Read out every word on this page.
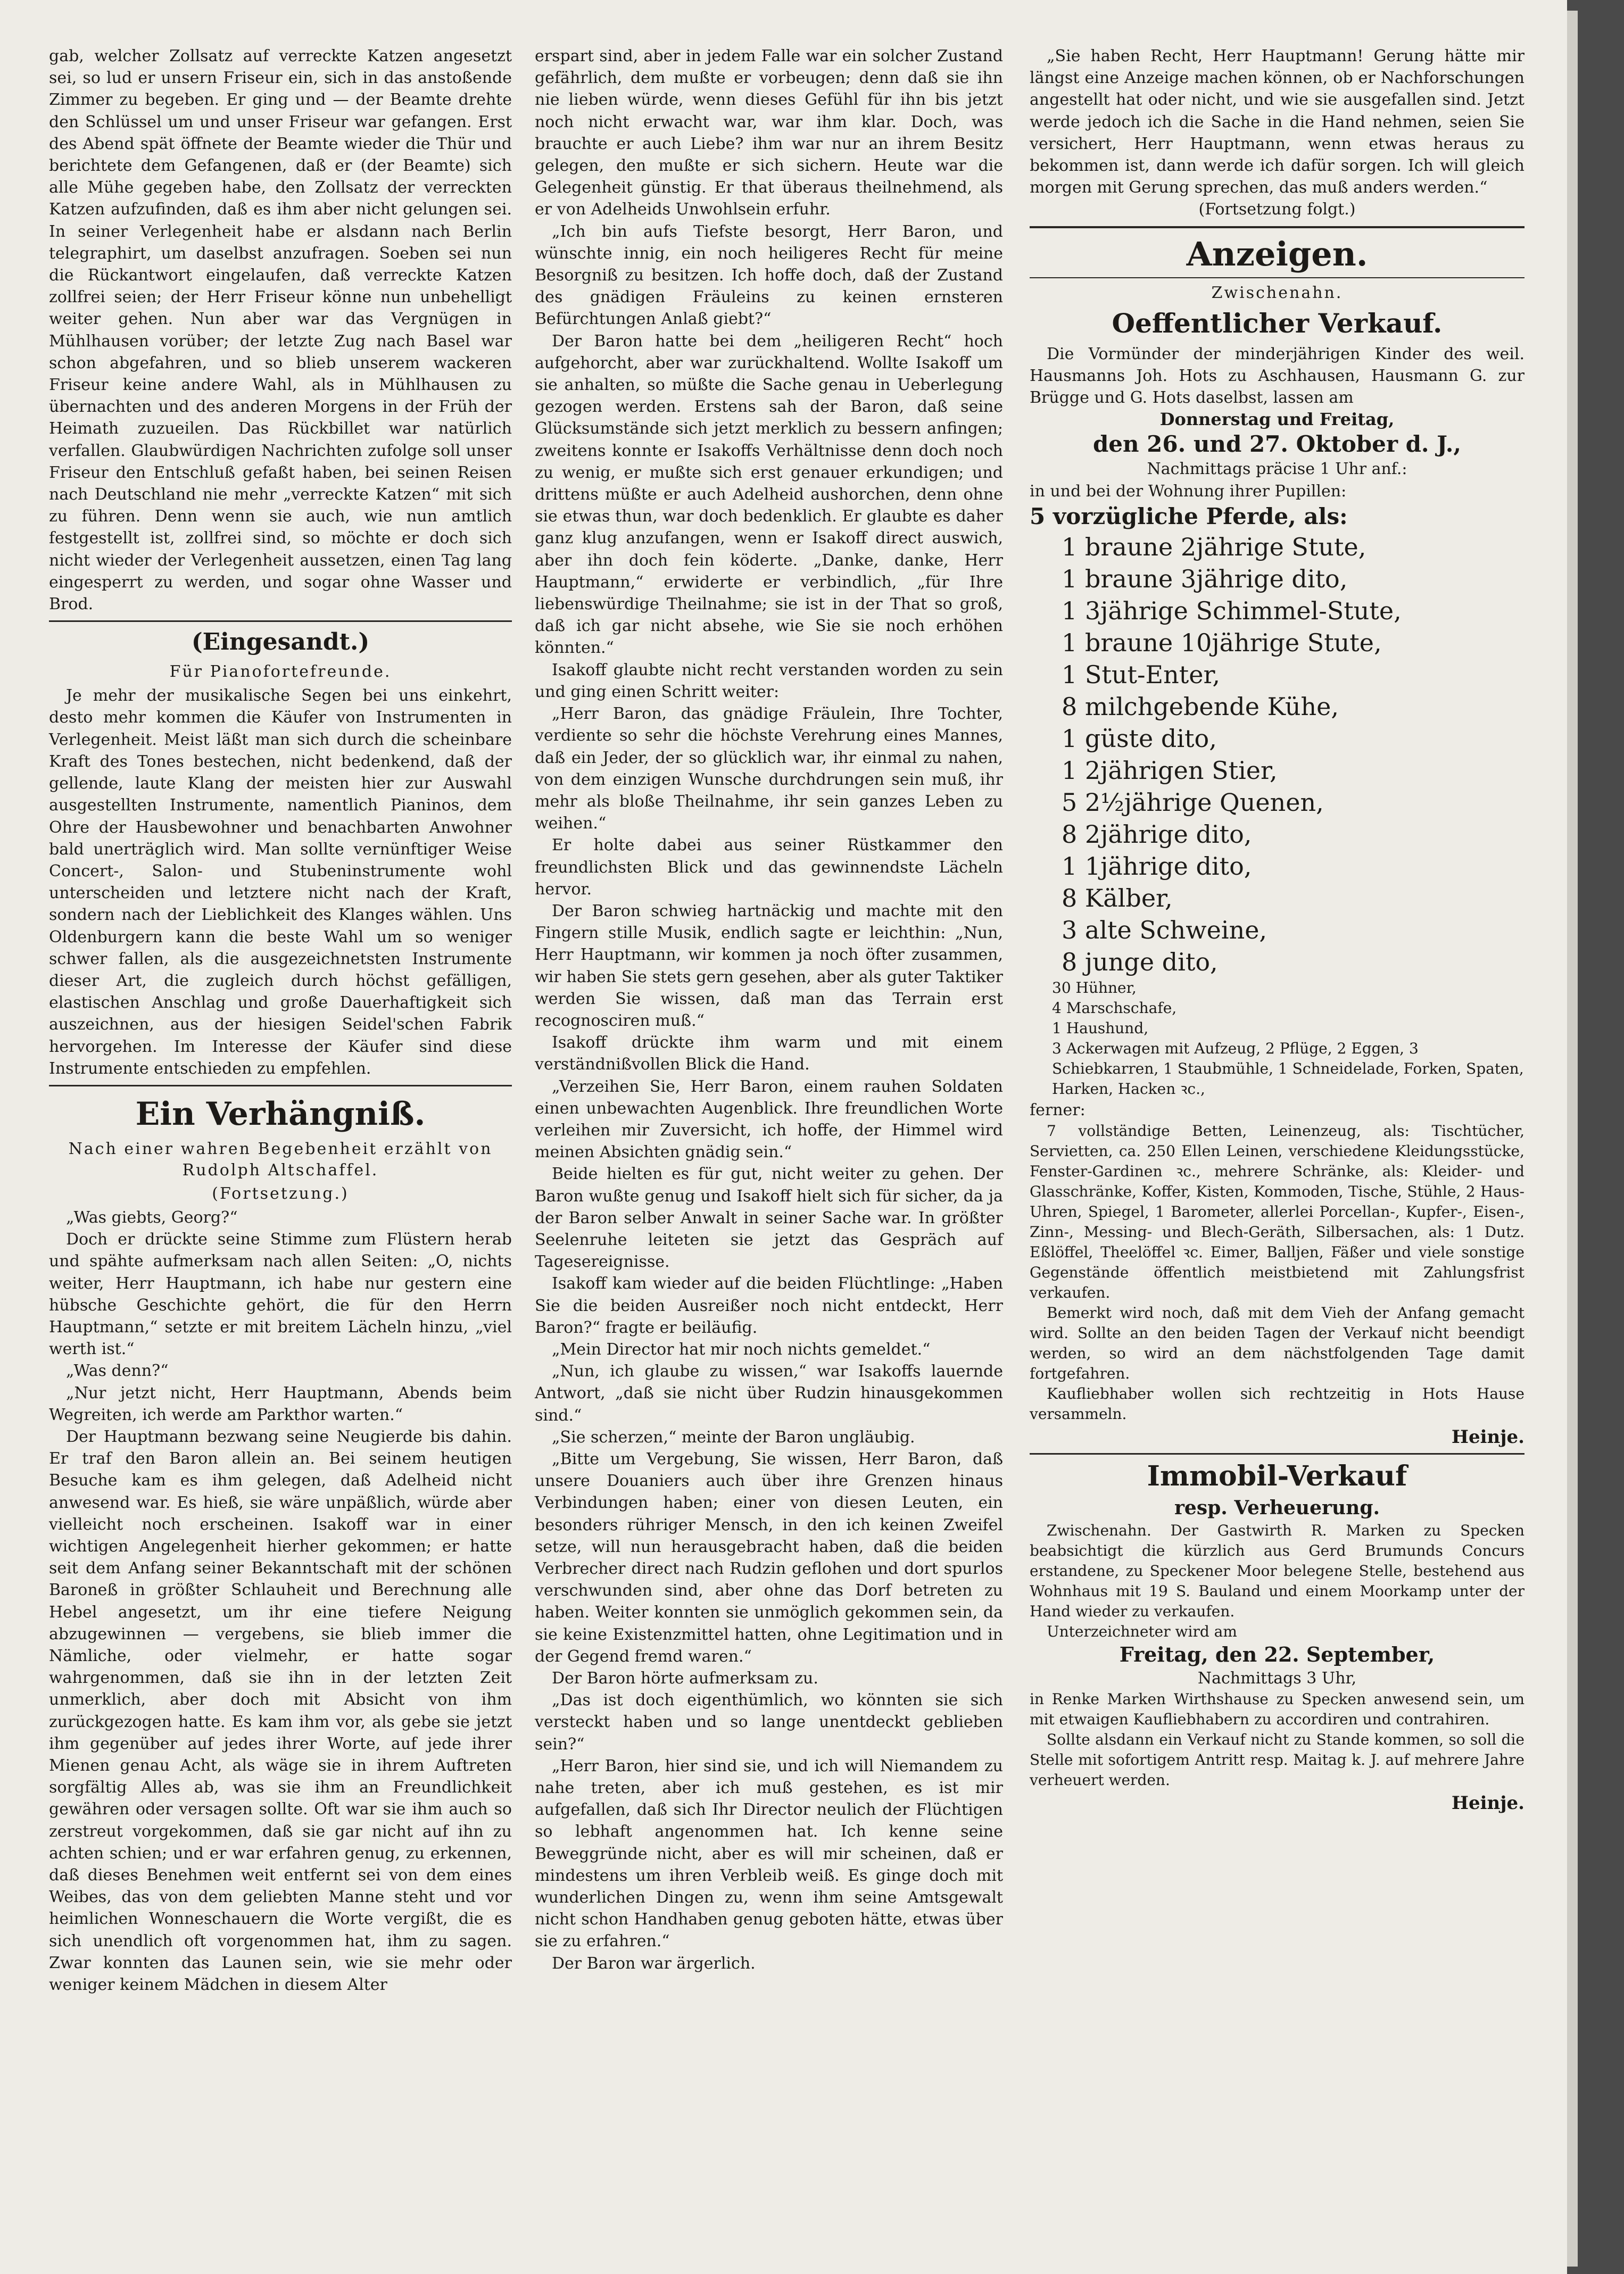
gab, welcher Zollsatz auf verreckte Katzen angesetzt sei, so lud er unsern Friseur ein, sich in das anstoßende Zimmer zu begeben. Er ging und — der Beamte drehte den Schlüssel um und unser Friseur war gefangen. Erst des Abend spät öffnete der Beamte wieder die Thür und berichtete dem Gefangenen, daß er (der Beamte) sich alle Mühe gegeben habe, den Zollsatz der verreckten Katzen aufzufinden, daß es ihm aber nicht gelungen sei. In seiner Verlegenheit habe er alsdann nach Berlin telegraphirt, um daselbst anzufragen. Soeben sei nun die Rückantwort eingelaufen, daß verreckte Katzen zollfrei seien; der Herr Friseur könne nun unbehelligt weiter gehen. Nun aber war das Vergnügen in Mühlhausen vorüber; der letzte Zug nach Basel war schon abgefahren, und so blieb unserem wackeren Friseur keine andere Wahl, als in Mühlhausen zu übernachten und des anderen Morgens in der Früh der Heimath zuzueilen. Das Rückbillet war natürlich verfallen. Glaubwürdigen Nachrichten zufolge soll unser Friseur den Entschluß gefaßt haben, bei seinen Reisen nach Deutschland nie mehr „verreckte Katzen“ mit sich zu führen. Denn wenn sie auch, wie nun amtlich festgestellt ist, zollfrei sind, so möchte er doch sich nicht wieder der Verlegenheit aussetzen, einen Tag lang eingesperrt zu werden, und sogar ohne Wasser und Brod.

(Eingesandt.)
Für Pianofortefreunde.

Je mehr der musikalische Segen bei uns einkehrt, desto mehr kommen die Käufer von Instrumenten in Verlegenheit. Meist läßt man sich durch die scheinbare Kraft des Tones bestechen, nicht bedenkend, daß der gellende, laute Klang der meisten hier zur Auswahl ausgestellten Instrumente, namentlich Pianinos, dem Ohre der Hausbewohner und benachbarten Anwohner bald unerträglich wird. Man sollte vernünftiger Weise Concert-, Salon- und Stubeninstrumente wohl unterscheiden und letztere nicht nach der Kraft, sondern nach der Lieblichkeit des Klanges wählen. Uns Oldenburgern kann die beste Wahl um so weniger schwer fallen, als die ausgezeichnetsten Instrumente dieser Art, die zugleich durch höchst gefälligen, elastischen Anschlag und große Dauerhaftigkeit sich auszeichnen, aus der hiesigen Seidel'schen Fabrik hervorgehen. Im Interesse der Käufer sind diese Instrumente entschieden zu empfehlen.

Ein Verhängniß.
Nach einer wahren Begebenheit erzählt von Rudolph Altschaffel.
(Fortsetzung.)

„Was giebts, Georg?“

Doch er drückte seine Stimme zum Flüstern herab und spähte aufmerksam nach allen Seiten: „O, nichts weiter, Herr Hauptmann, ich habe nur gestern eine hübsche Geschichte gehört, die für den Herrn Hauptmann,“ setzte er mit breitem Lächeln hinzu, „viel werth ist.“

„Was denn?“

„Nur jetzt nicht, Herr Hauptmann, Abends beim Wegreiten, ich werde am Parkthor warten.“

Der Hauptmann bezwang seine Neugierde bis dahin. Er traf den Baron allein an. Bei seinem heutigen Besuche kam es ihm gelegen, daß Adelheid nicht anwesend war. Es hieß, sie wäre unpäßlich, würde aber vielleicht noch erscheinen. Isakoff war in einer wichtigen Angelegenheit hierher gekommen; er hatte seit dem Anfang seiner Bekanntschaft mit der schönen Baroneß in größter Schlauheit und Berechnung alle Hebel angesetzt, um ihr eine tiefere Neigung abzugewinnen — vergebens, sie blieb immer die Nämliche, oder vielmehr, er hatte sogar wahrgenommen, daß sie ihn in der letzten Zeit unmerklich, aber doch mit Absicht von ihm zurückgezogen hatte. Es kam ihm vor, als gebe sie jetzt ihm gegenüber auf jedes ihrer Worte, auf jede ihrer Mienen genau Acht, als wäge sie in ihrem Auftreten sorgfältig Alles ab, was sie ihm an Freundlichkeit gewähren oder versagen sollte. Oft war sie ihm auch so zerstreut vorgekommen, daß sie gar nicht auf ihn zu achten schien; und er war erfahren genug, zu erkennen, daß dieses Benehmen weit entfernt sei von dem eines Weibes, das von dem geliebten Manne steht und vor heimlichen Wonneschauern die Worte vergißt, die es sich unendlich oft vorgenommen hat, ihm zu sagen. Zwar konnten das Launen sein, wie sie mehr oder weniger keinem Mädchen in diesem Alter

erspart sind, aber in jedem Falle war ein solcher Zustand gefährlich, dem mußte er vorbeugen; denn daß sie ihn nie lieben würde, wenn dieses Gefühl für ihn bis jetzt noch nicht erwacht war, war ihm klar. Doch, was brauchte er auch Liebe? ihm war nur an ihrem Besitz gelegen, den mußte er sich sichern. Heute war die Gelegenheit günstig. Er that überaus theilnehmend, als er von Adelheids Unwohlsein erfuhr.

„Ich bin aufs Tiefste besorgt, Herr Baron, und wünschte innig, ein noch heiligeres Recht für meine Besorgniß zu besitzen. Ich hoffe doch, daß der Zustand des gnädigen Fräuleins zu keinen ernsteren Befürchtungen Anlaß giebt?“

Der Baron hatte bei dem „heiligeren Recht“ hoch aufgehorcht, aber war zurückhaltend. Wollte Isakoff um sie anhalten, so müßte die Sache genau in Ueberlegung gezogen werden. Erstens sah der Baron, daß seine Glücksumstände sich jetzt merklich zu bessern anfingen; zweitens konnte er Isakoffs Verhältnisse denn doch noch zu wenig, er mußte sich erst genauer erkundigen; und drittens müßte er auch Adelheid aushorchen, denn ohne sie etwas thun, war doch bedenklich. Er glaubte es daher ganz klug anzufangen, wenn er Isakoff direct auswich, aber ihn doch fein köderte. „Danke, danke, Herr Hauptmann,“ erwiderte er verbindlich, „für Ihre liebenswürdige Theilnahme; sie ist in der That so groß, daß ich gar nicht absehe, wie Sie sie noch erhöhen könnten.“

Isakoff glaubte nicht recht verstanden worden zu sein und ging einen Schritt weiter:

„Herr Baron, das gnädige Fräulein, Ihre Tochter, verdiente so sehr die höchste Verehrung eines Mannes, daß ein Jeder, der so glücklich war, ihr einmal zu nahen, von dem einzigen Wunsche durchdrungen sein muß, ihr mehr als bloße Theilnahme, ihr sein ganzes Leben zu weihen.“

Er holte dabei aus seiner Rüstkammer den freundlichsten Blick und das gewinnendste Lächeln hervor.

Der Baron schwieg hartnäckig und machte mit den Fingern stille Musik, endlich sagte er leichthin: „Nun, Herr Hauptmann, wir kommen ja noch öfter zusammen, wir haben Sie stets gern gesehen, aber als guter Taktiker werden Sie wissen, daß man das Terrain erst recognosciren muß.“

Isakoff drückte ihm warm und mit einem verständnißvollen Blick die Hand.

„Verzeihen Sie, Herr Baron, einem rauhen Soldaten einen unbewachten Augenblick. Ihre freundlichen Worte verleihen mir Zuversicht, ich hoffe, der Himmel wird meinen Absichten gnädig sein.“

Beide hielten es für gut, nicht weiter zu gehen. Der Baron wußte genug und Isakoff hielt sich für sicher, da ja der Baron selber Anwalt in seiner Sache war. In größter Seelenruhe leiteten sie jetzt das Gespräch auf Tagesereignisse.

Isakoff kam wieder auf die beiden Flüchtlinge: „Haben Sie die beiden Ausreißer noch nicht entdeckt, Herr Baron?“ fragte er beiläufig.

„Mein Director hat mir noch nichts gemeldet.“

„Nun, ich glaube zu wissen,“ war Isakoffs lauernde Antwort, „daß sie nicht über Rudzin hinausgekommen sind.“

„Sie scherzen,“ meinte der Baron ungläubig.

„Bitte um Vergebung, Sie wissen, Herr Baron, daß unsere Douaniers auch über ihre Grenzen hinaus Verbindungen haben; einer von diesen Leuten, ein besonders rühriger Mensch, in den ich keinen Zweifel setze, will nun herausgebracht haben, daß die beiden Verbrecher direct nach Rudzin geflohen und dort spurlos verschwunden sind, aber ohne das Dorf betreten zu haben. Weiter konnten sie unmöglich gekommen sein, da sie keine Existenzmittel hatten, ohne Legitimation und in der Gegend fremd waren.“

Der Baron hörte aufmerksam zu.

„Das ist doch eigenthümlich, wo könnten sie sich versteckt haben und so lange unentdeckt geblieben sein?“

„Herr Baron, hier sind sie, und ich will Niemandem zu nahe treten, aber ich muß gestehen, es ist mir aufgefallen, daß sich Ihr Director neulich der Flüchtigen so lebhaft angenommen hat. Ich kenne seine Beweggründe nicht, aber es will mir scheinen, daß er mindestens um ihren Verbleib weiß. Es ginge doch mit wunderlichen Dingen zu, wenn ihm seine Amtsgewalt nicht schon Handhaben genug geboten hätte, etwas über sie zu erfahren.“

Der Baron war ärgerlich.

„Sie haben Recht, Herr Hauptmann! Gerung hätte mir längst eine Anzeige machen können, ob er Nachforschungen angestellt hat oder nicht, und wie sie ausgefallen sind. Jetzt werde jedoch ich die Sache in die Hand nehmen, seien Sie versichert, Herr Hauptmann, wenn etwas heraus zu bekommen ist, dann werde ich dafür sorgen. Ich will gleich morgen mit Gerung sprechen, das muß anders werden.“

(Fortsetzung folgt.)

Anzeigen.
Zwischenahn.
Oeffentlicher Verkauf.

Die Vormünder der minderjährigen Kinder des weil. Hausmanns Joh. Hots zu Aschhausen, Hausmann G. zur Brügge und G. Hots daselbst, lassen am

Donnerstag und Freitag,

den 26. und 27. Oktober d. J.,

Nachmittags präcise 1 Uhr anf.:

in und bei der Wohnung ihrer Pupillen:

5 vorzügliche Pferde, als:

1 braune 2jährige Stute,

1 braune 3jährige dito,

1 3jährige Schimmel-Stute,

1 braune 10jährige Stute,

1 Stut-Enter,

8 milchgebende Kühe,

1 güste dito,

1 2jährigen Stier,

5 2½jährige Quenen,

8 2jährige dito,

1 1jährige dito,

8 Kälber,

3 alte Schweine,

8 junge dito,

30 Hühner,

4 Marschschafe,

1 Haushund,

3 Ackerwagen mit Aufzeug, 2 Pflüge, 2 Eggen, 3 Schiebkarren, 1 Staubmühle, 1 Schneidelade, Forken, Spaten, Harken, Hacken ꝛc.,

ferner:

7 vollständige Betten, Leinenzeug, als: Tischtücher, Servietten, ca. 250 Ellen Leinen, verschiedene Kleidungsstücke, Fenster-Gardinen ꝛc., mehrere Schränke, als: Kleider- und Glasschränke, Koffer, Kisten, Kommoden, Tische, Stühle, 2 Haus-Uhren, Spiegel, 1 Barometer, allerlei Porcellan-, Kupfer-, Eisen-, Zinn-, Messing- und Blech-Geräth, Silbersachen, als: 1 Dutz. Eßlöffel, Theelöffel ꝛc. Eimer, Balljen, Fäßer und viele sonstige Gegenstände öffentlich meistbietend mit Zahlungsfrist verkaufen.

Bemerkt wird noch, daß mit dem Vieh der Anfang gemacht wird. Sollte an den beiden Tagen der Verkauf nicht beendigt werden, so wird an dem nächstfolgenden Tage damit fortgefahren.

Kaufliebhaber wollen sich rechtzeitig in Hots Hause versammeln.

Heinje.
Immobil-Verkauf
resp. Verheuerung.

Zwischenahn. Der Gastwirth R. Marken zu Specken beabsichtigt die kürzlich aus Gerd Brumunds Concurs erstandene, zu Speckener Moor belegene Stelle, bestehend aus Wohnhaus mit 19 S. Bauland und einem Moorkamp unter der Hand wieder zu verkaufen.

Unterzeichneter wird am

Freitag, den 22. September,

Nachmittags 3 Uhr,

in Renke Marken Wirthshause zu Specken anwesend sein, um mit etwaigen Kaufliebhabern zu accordiren und contrahiren.

Sollte alsdann ein Verkauf nicht zu Stande kommen, so soll die Stelle mit sofortigem Antritt resp. Maitag k. J. auf mehrere Jahre verheuert werden.

Heinje.
